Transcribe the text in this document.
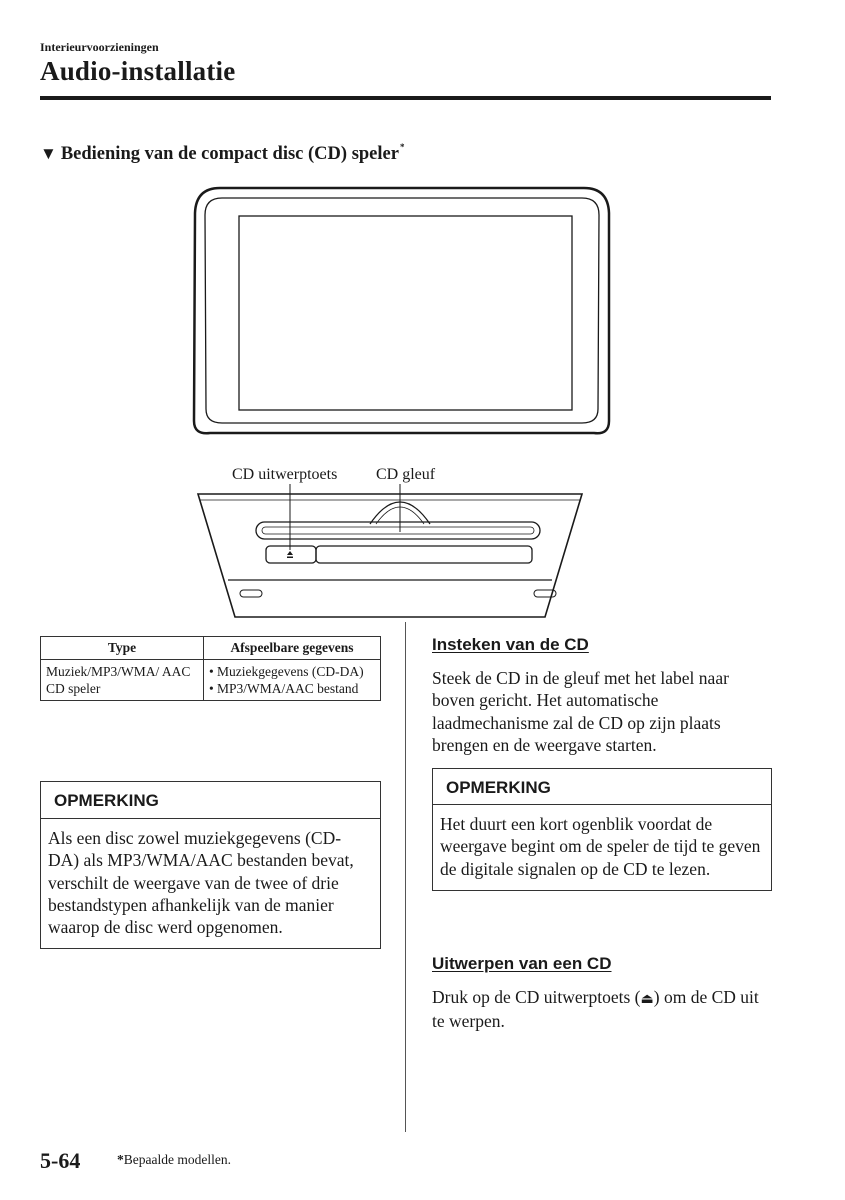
Interieurvoorzieningen
Audio-installatie
▼ Bediening van de compact disc (CD) speler*
CD uitwerptoets CD gleuf
Type	Afspeelbare gegevens
Muziek/MP3/WMA/ AAC CD speler	• Muziekgegevens (CD-DA)
• MP3/WMA/AAC bestand
OPMERKING
Als een disc zowel muziekgegevens (CD-DA) als MP3/WMA/AAC bestanden bevat, verschilt de weergave van de twee of drie bestandstypen afhankelijk van de manier waarop de disc werd opgenomen.
Insteken van de CD
Steek de CD in de gleuf met het label naar boven gericht. Het automatische laadmechanisme zal de CD op zijn plaats brengen en de weergave starten.
OPMERKING
Het duurt een kort ogenblik voordat de weergave begint om de speler de tijd te geven de digitale signalen op de CD te lezen.
Uitwerpen van een CD
Druk op de CD uitwerptoets (⏏) om de CD uit te werpen.
5-64	*Bepaalde modellen.
